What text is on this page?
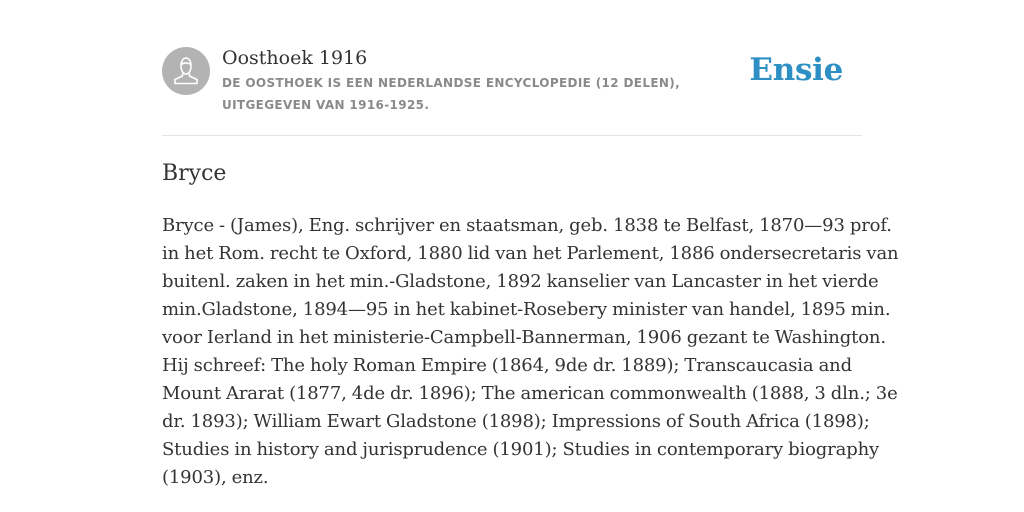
Oosthoek 1916
DE OOSTHOEK IS EEN NEDERLANDSE ENCYCLOPEDIE (12 DELEN), UITGEGEVEN VAN 1916-1925.
Ensie
Bryce
Bryce - (James), Eng. schrijver en staatsman, geb. 1838 te Belfast, 1870—93 prof.
in het Rom. recht te Oxford, 1880 lid van het Parlement, 1886 ondersecretaris van
buitenl. zaken in het min.-Gladstone, 1892 kanselier van Lancaster in het vierde
min.Gladstone, 1894—95 in het kabinet-Rosebery minister van handel, 1895 min.
voor Ierland in het ministerie-Campbell-Bannerman, 1906 gezant te Washington.
Hij schreef: The holy Roman Empire (1864, 9de dr. 1889); Transcaucasia and
Mount Ararat (1877, 4de dr. 1896); The american commonwealth (1888, 3 dln.; 3e
dr. 1893); William Ewart Gladstone (1898); Impressions of South Africa (1898);
Studies in history and jurisprudence (1901); Studies in contemporary biography
(1903), enz.
